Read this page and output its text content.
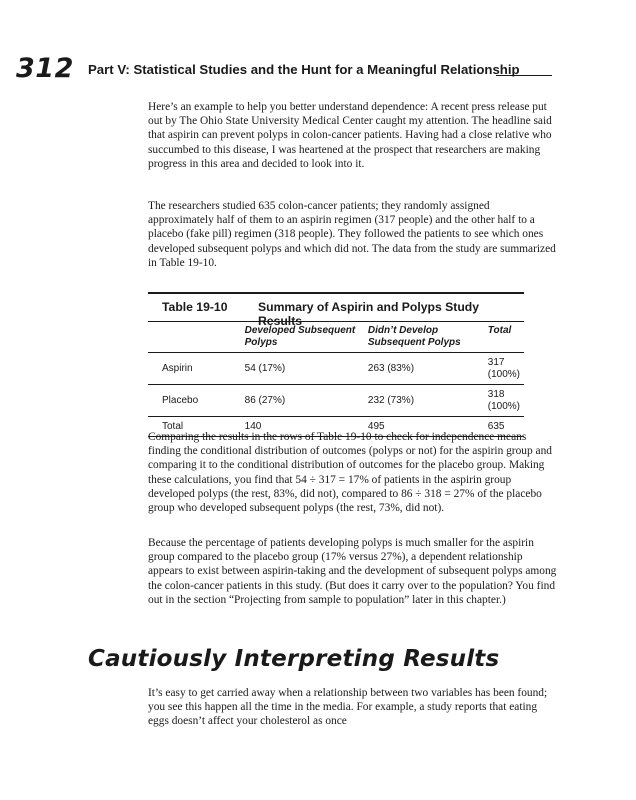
312 Part V: Statistical Studies and the Hunt for a Meaningful Relationship

Here’s an example to help you better understand dependence: A recent press release put out by The Ohio State University Medical Center caught my attention. The headline said that aspirin can prevent polyps in colon-cancer patients. Having had a close relative who succumbed to this disease, I was heartened at the prospect that researchers are making progress in this area and decided to look into it.

The researchers studied 635 colon-cancer patients; they randomly assigned approximately half of them to an aspirin regimen (317 people) and the other half to a placebo (fake pill) regimen (318 people). They followed the patients to see which ones developed subsequent polyps and which did not. The data from the study are summarized in Table 19-10.

Table 19-10	Summary of Aspirin and Polyps Study Results
	Developed Subsequent Polyps	Didn’t Develop Subsequent Polyps	Total
Aspirin	54 (17%)	263 (83%)	317 (100%)
Placebo	86 (27%)	232 (73%)	318 (100%)
Total	140	495	635

Comparing the results in the rows of Table 19-10 to check for independence means finding the conditional distribution of outcomes (polyps or not) for the aspirin group and comparing it to the conditional distribution of outcomes for the placebo group. Making these calculations, you find that 54 ÷ 317 = 17% of patients in the aspirin group developed polyps (the rest, 83%, did not), compared to 86 ÷ 318 = 27% of the placebo group who developed subsequent polyps (the rest, 73%, did not).

Because the percentage of patients developing polyps is much smaller for the aspirin group compared to the placebo group (17% versus 27%), a dependent relationship appears to exist between aspirin-taking and the development of subsequent polyps among the colon-cancer patients in this study. (But does it carry over to the population? You find out in the section “Projecting from sample to population” later in this chapter.)

Cautiously Interpreting Results

It’s easy to get carried away when a relationship between two variables has been found; you see this happen all the time in the media. For example, a study reports that eating eggs doesn’t affect your cholesterol as once
